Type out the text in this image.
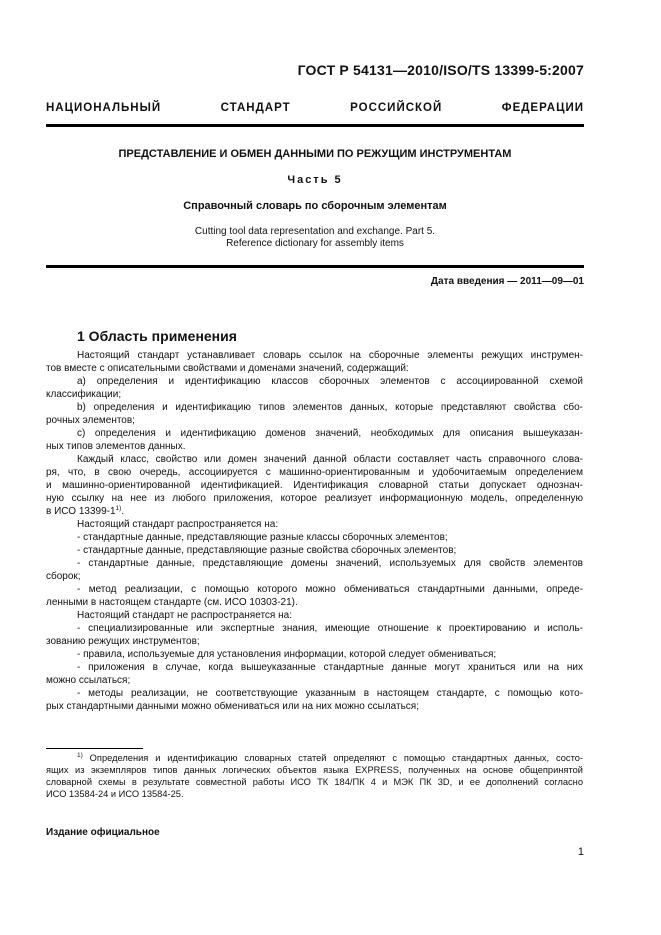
ГОСТ Р 54131—2010/ISO/TS 13399-5:2007
НАЦИОНАЛЬНЫЙ СТАНДАРТ РОССИЙСКОЙ ФЕДЕРАЦИИ
ПРЕДСТАВЛЕНИЕ И ОБМЕН ДАННЫМИ ПО РЕЖУЩИМ ИНСТРУМЕНТАМ
Часть 5
Справочный словарь по сборочным элементам
Cutting tool data representation and exchange. Part 5.
Reference dictionary for assembly items
Дата введения — 2011—09—01
1 Область применения
Настоящий стандарт устанавливает словарь ссылок на сборочные элементы режущих инструмен-
тов вместе с описательными свойствами и доменами значений, содержащий:
a) определения и идентификацию классов сборочных элементов с ассоциированной схемой
классификации;
b) определения и идентификацию типов элементов данных, которые представляют свойства сбо-
рочных элементов;
c) определения и идентификацию доменов значений, необходимых для описания вышеуказан-
ных типов элементов данных.
Каждый класс, свойство или домен значений данной области составляет часть справочного слова-
ря, что, в свою очередь, ассоциируется с машинно-ориентированным и удобочитаемым определением
и машинно-ориентированной идентификацией. Идентификация словарной статьи допускает однознач-
ную ссылку на нее из любого приложения, которое реализует информационную модель, определенную
в ИСО 13399-1$^{1)}$.
Настоящий стандарт распространяется на:
- стандартные данные, представляющие разные классы сборочных элементов;
- стандартные данные, представляющие разные свойства сборочных элементов;
- стандартные данные, представляющие домены значений, используемых для свойств элементов
сборок;
- метод реализации, с помощью которого можно обмениваться стандартными данными, опреде-
ленными в настоящем стандарте (см. ИСО 10303-21).
Настоящий стандарт не распространяется на:
- специализированные или экспертные знания, имеющие отношение к проектированию и исполь-
зованию режущих инструментов;
- правила, используемые для установления информации, которой следует обмениваться;
- приложения в случае, когда вышеуказанные стандартные данные могут храниться или на них
можно ссылаться;
- методы реализации, не соответствующие указанным в настоящем стандарте, с помощью кото-
рых стандартными данными можно обмениваться или на них можно ссылаться;
$^{1)}$ Определения и идентификацию словарных статей определяют с помощью стандартных данных, состо-
ящих из экземпляров типов данных логических объектов языка EXPRESS, полученных на основе общепринятой
словарной схемы в результате совместной работы ИСО ТК 184/ПК 4 и МЭК ПК 3D, и ее дополнений согласно
ИСО 13584-24 и ИСО 13584-25.
Издание официальное
1
